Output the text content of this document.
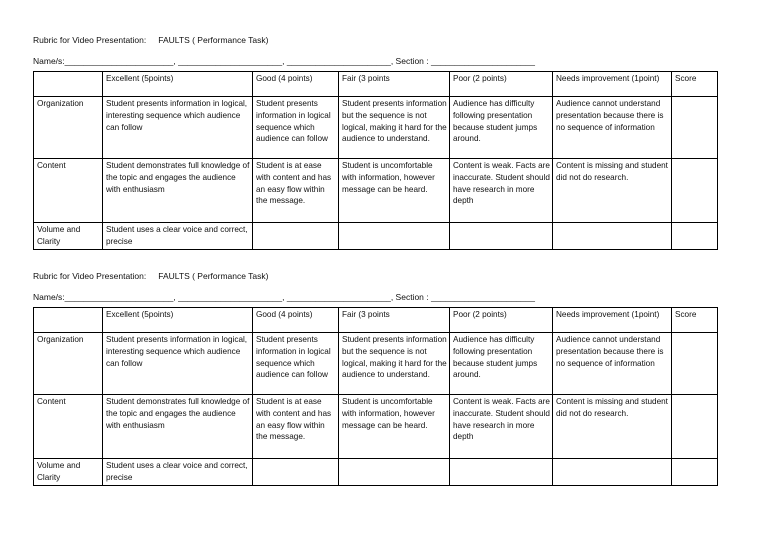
Rubric for Video Presentation: FAULTS ( Performance Task)
Name/s:_______________________, ______________________, ______________________, Section : ______________________
	Excellent (5points)	Good (4 points)	Fair (3 points	Poor (2 points)	Needs improvement (1point)	Score
Organization	Student presents information in logical, interesting sequence which audience can follow	Student presents information in logical sequence which audience can follow	Student presents information but the sequence is not logical, making it hard for the audience to understand.	Audience has difficulty following presentation because student jumps around.	Audience cannot understand presentation because there is no sequence of information	
Content	Student demonstrates full knowledge of the topic and engages the audience with enthusiasm	Student is at ease with content and has an easy flow within the message.	Student is uncomfortable with information, however message can be heard.	Content is weak. Facts are inaccurate. Student should have research in more depth	Content is missing and student did not do research.	
Volume and Clarity	Student uses a clear voice and correct, precise					
Rubric for Video Presentation: FAULTS ( Performance Task)
Name/s:_______________________, ______________________, ______________________, Section : ______________________
	Excellent (5points)	Good (4 points)	Fair (3 points	Poor (2 points)	Needs improvement (1point)	Score
Organization	Student presents information in logical, interesting sequence which audience can follow	Student presents information in logical sequence which audience can follow	Student presents information but the sequence is not logical, making it hard for the audience to understand.	Audience has difficulty following presentation because student jumps around.	Audience cannot understand presentation because there is no sequence of information	
Content	Student demonstrates full knowledge of the topic and engages the audience with enthusiasm	Student is at ease with content and has an easy flow within the message.	Student is uncomfortable with information, however message can be heard.	Content is weak. Facts are inaccurate. Student should have research in more depth	Content is missing and student did not do research.	
Volume and Clarity	Student uses a clear voice and correct, precise					
